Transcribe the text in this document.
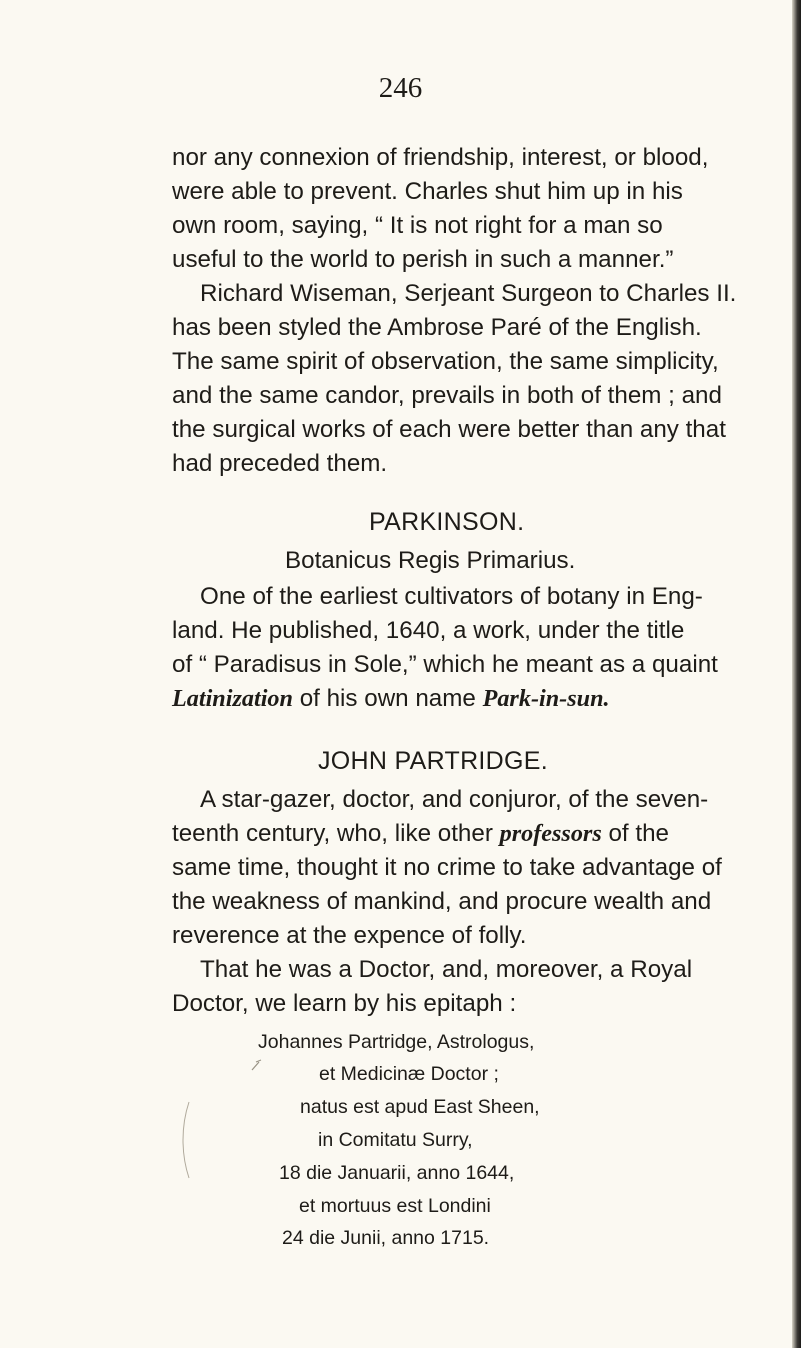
246

nor any connexion of friendship, interest, or blood,

were able to prevent. Charles shut him up in his

own room, saying, “ It is not right for a man so

useful to the world to perish in such a manner.”

Richard Wiseman, Serjeant Surgeon to Charles II.

has been styled the Ambrose Paré of the English.

The same spirit of observation, the same simplicity,

and the same candor, prevails in both of them ; and

the surgical works of each were better than any that

had preceded them.

PARKINSON.

Botanicus Regis Primarius.

One of the earliest cultivators of botany in Eng-

land. He published, 1640, a work, under the title

of “ Paradisus in Sole,” which he meant as a quaint

Latinization of his own name Park-in-sun.

JOHN PARTRIDGE.

A star-gazer, doctor, and conjuror, of the seven-

teenth century, who, like other professors of the

same time, thought it no crime to take advantage of

the weakness of mankind, and procure wealth and

reverence at the expence of folly.

That he was a Doctor, and, moreover, a Royal

Doctor, we learn by his epitaph :

Johannes Partridge, Astrologus,

et Medicinæ Doctor ;

natus est apud East Sheen,

in Comitatu Surry,

18 die Januarii, anno 1644,

et mortuus est Londini

24 die Junii, anno 1715.
